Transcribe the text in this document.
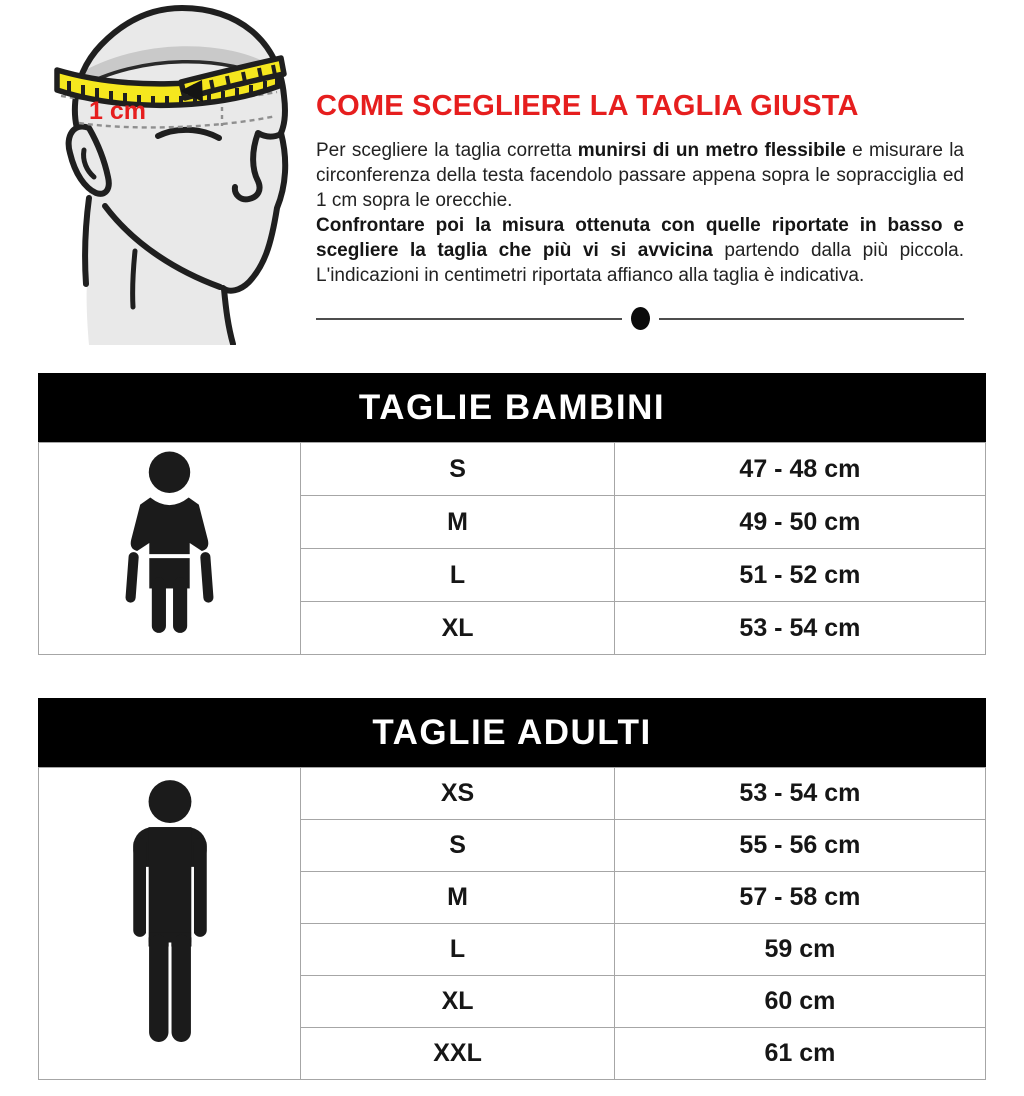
1 cm	COME SCEGLIERE LA TAGLIA GIUSTA

Per scegliere la taglia corretta munirsi di un metro flessibile e misurare la circonferenza della testa facendolo passare appena sopra le sopracciglia ed 1 cm sopra le orecchie.

Confrontare poi la misura ottenuta con quelle riportate in basso e scegliere la taglia che più vi si avvicina partendo dalla più piccola. L'indicazioni in centimetri riportata affianco alla taglia è indicativa.

TAGLIE BAMBINI
	S	47 - 48 cm
	M	49 - 50 cm
	L	51 - 52 cm
	XL	53 - 54 cm
TAGLIE ADULTI
	XS	53 - 54 cm
	S	55 - 56 cm
	M	57 - 58 cm
	L	59 cm
	XL	60 cm
	XXL	61 cm
